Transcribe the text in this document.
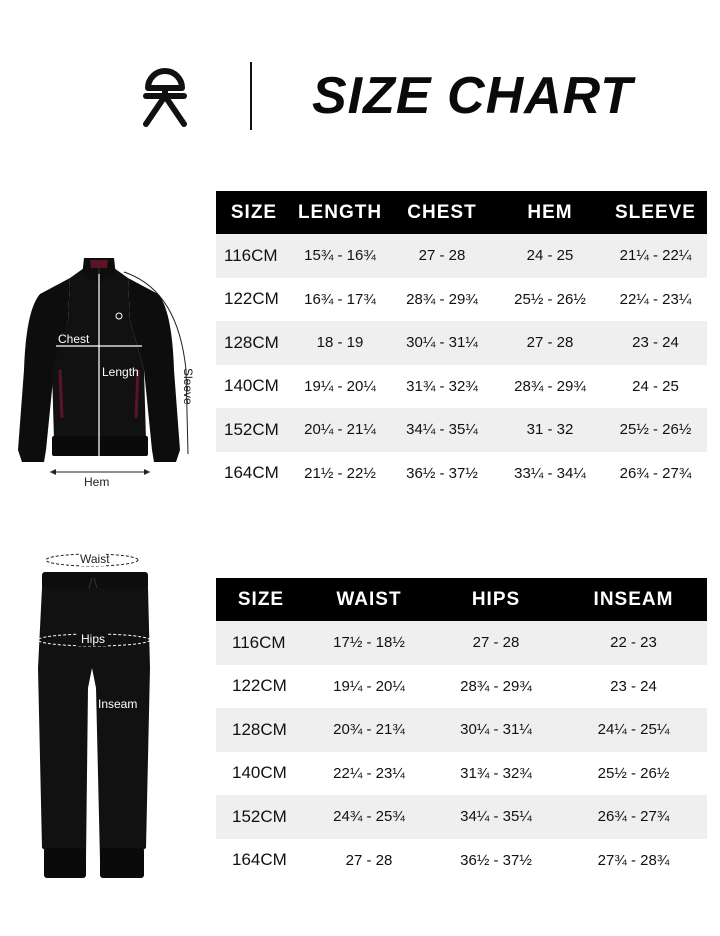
SIZE CHART
Chest
Length	Sleeve
Hem
Waist
Hips
Inseam
SIZE	LENGTH	CHEST	HEM	SLEEVE
116CM	15¾ - 16¾	27 - 28	24 - 25	21¼ - 22¼
122CM	16¾ - 17¾	28¾ - 29¾	25½ - 26½	22¼ - 23¼
128CM	18 - 19	30¼ - 31¼	27 - 28	23 - 24
140CM	19¼ - 20¼	31¾ - 32¾	28¾ - 29¾	24 - 25
152CM	20¼ - 21¼	34¼ - 35¼	31 - 32	25½ - 26½
164CM	21½ - 22½	36½ - 37½	33¼ - 34¼	26¾ - 27¾
SIZE	WAIST	HIPS	INSEAM
116CM	17½ - 18½	27 - 28	22 - 23
122CM	19¼ - 20¼	28¾ - 29¾	23 - 24
128CM	20¾ - 21¾	30¼ - 31¼	24¼ - 25¼
140CM	22¼ - 23¼	31¾ - 32¾	25½ - 26½
152CM	24¾ - 25¾	34¼ - 35¼	26¾ - 27¾
164CM	27 - 28	36½ - 37½	27¾ - 28¾
